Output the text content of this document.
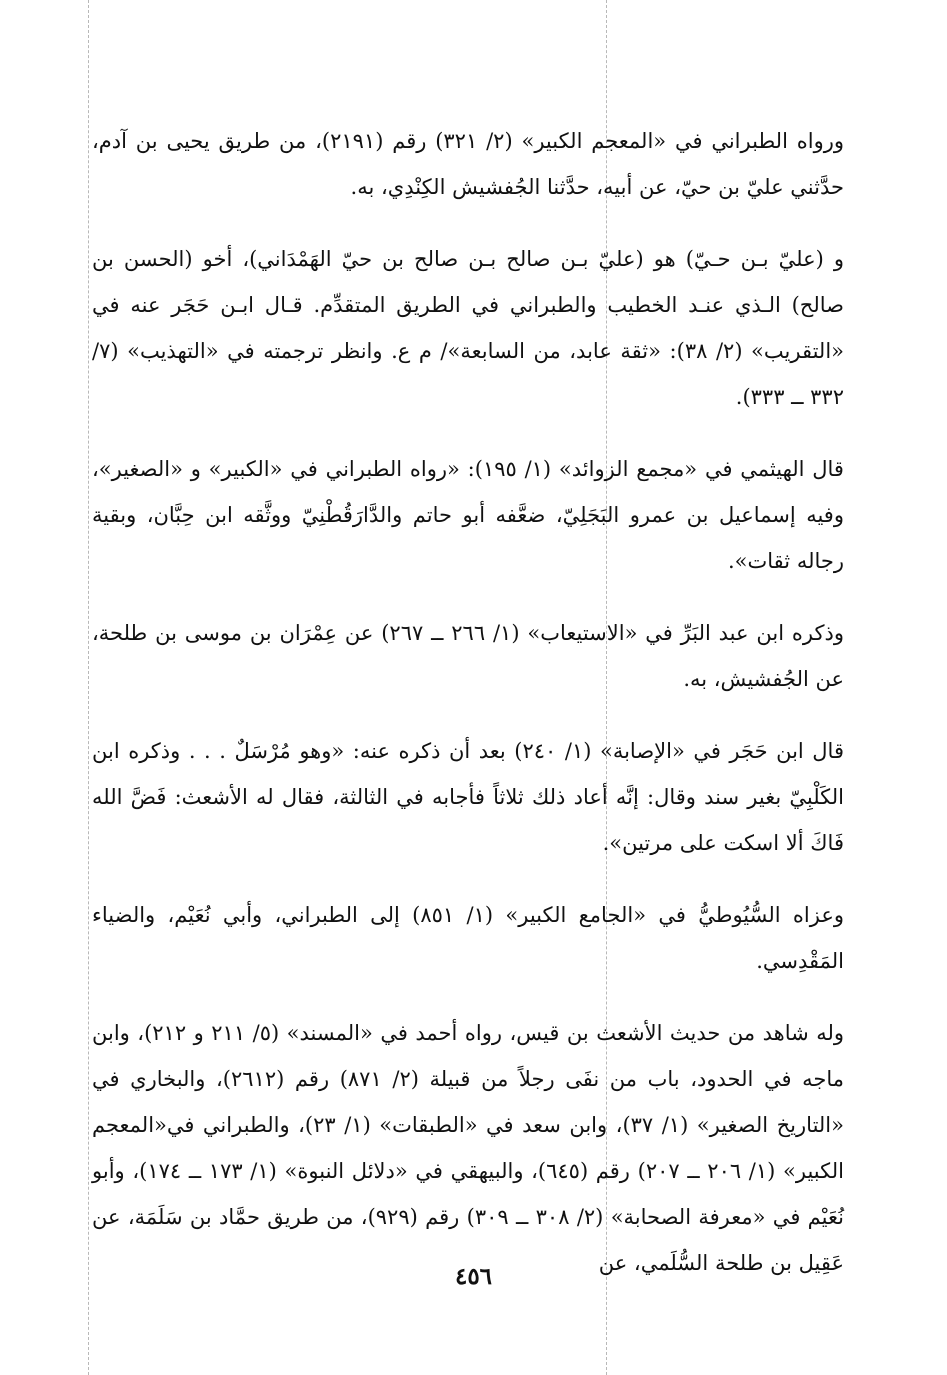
ورواه الطبراني في «المعجم الكبير» (٢/ ٣٢١) رقم (٢١٩١)، من طريق يحيى بن آدم، حدَّثني عليّ بن حيّ، عن أبيه، حدَّثنا الجُفشيش الكِنْدِي، به.

و (عليّ بـن حـيّ) هو (عليّ بـن صالح بـن صالح بن حيّ الهَمْدَاني)، أخو (الحسن بن صالح) الـذي عنـد الخطيب والطبراني في الطريق المتقدِّم. قـال ابـن حَجَر عنه في «التقريب» (٢/ ٣٨): «ثقة عابد، من السابعة»/ م ع. وانظر ترجمته في «التهذيب» (٧/ ٣٣٢ ــ ٣٣٣).

قال الهيثمي في «مجمع الزوائد» (١/ ١٩٥): «رواه الطبراني في «الكبير» و «الصغير»، وفيه إسماعيل بن عمرو البَجَلِيّ، ضعَّفه أبو حاتم والدَّارَقُطْنِيّ ووثَّقه ابن حِبَّان، وبقية رجاله ثقات».

وذكره ابن عبد البَرِّ في «الاستيعاب» (١/ ٢٦٦ ــ ٢٦٧) عن عِمْرَان بن موسى بن طلحة، عن الجُفشيش، به.

قال ابن حَجَر في «الإصابة» (١/ ٢٤٠) بعد أن ذكره عنه: «وهو مُرْسَلٌ . . . وذكره ابن الكَلْبِيّ بغير سند وقال: إنَّه أعاد ذلك ثلاثاً فأجابه في الثالثة، فقال له الأشعث: فَضَّ الله فَاكَ ألا اسكت على مرتين».

وعزاه السُّيُوطيُّ في «الجامع الكبير» (١/ ٨٥١) إلى الطبراني، وأبي نُعَيْم، والضياء المَقْدِسي.

وله شاهد من حديث الأشعث بن قيس، رواه أحمد في «المسند» (٥/ ٢١١ و ٢١٢)، وابن ماجه في الحدود، باب من نفَى رجلاً من قبيلة (٢/ ٨٧١) رقم (٢٦١٢)، والبخاري في «التاريخ الصغير» (١/ ٣٧)، وابن سعد في «الطبقات» (١/ ٢٣)، والطبراني في«المعجم الكبير» (١/ ٢٠٦ ــ ٢٠٧) رقم (٦٤٥)، والبيهقي في «دلائل النبوة» (١/ ١٧٣ ــ ١٧٤)، وأبو نُعَيْم في «معرفة الصحابة» (٢/ ٣٠٨ ــ ٣٠٩) رقم (٩٢٩)، من طريق حمَّاد بن سَلَمَة، عن عَقِيل بن طلحة السُّلَمي، عن

٤٥٦
